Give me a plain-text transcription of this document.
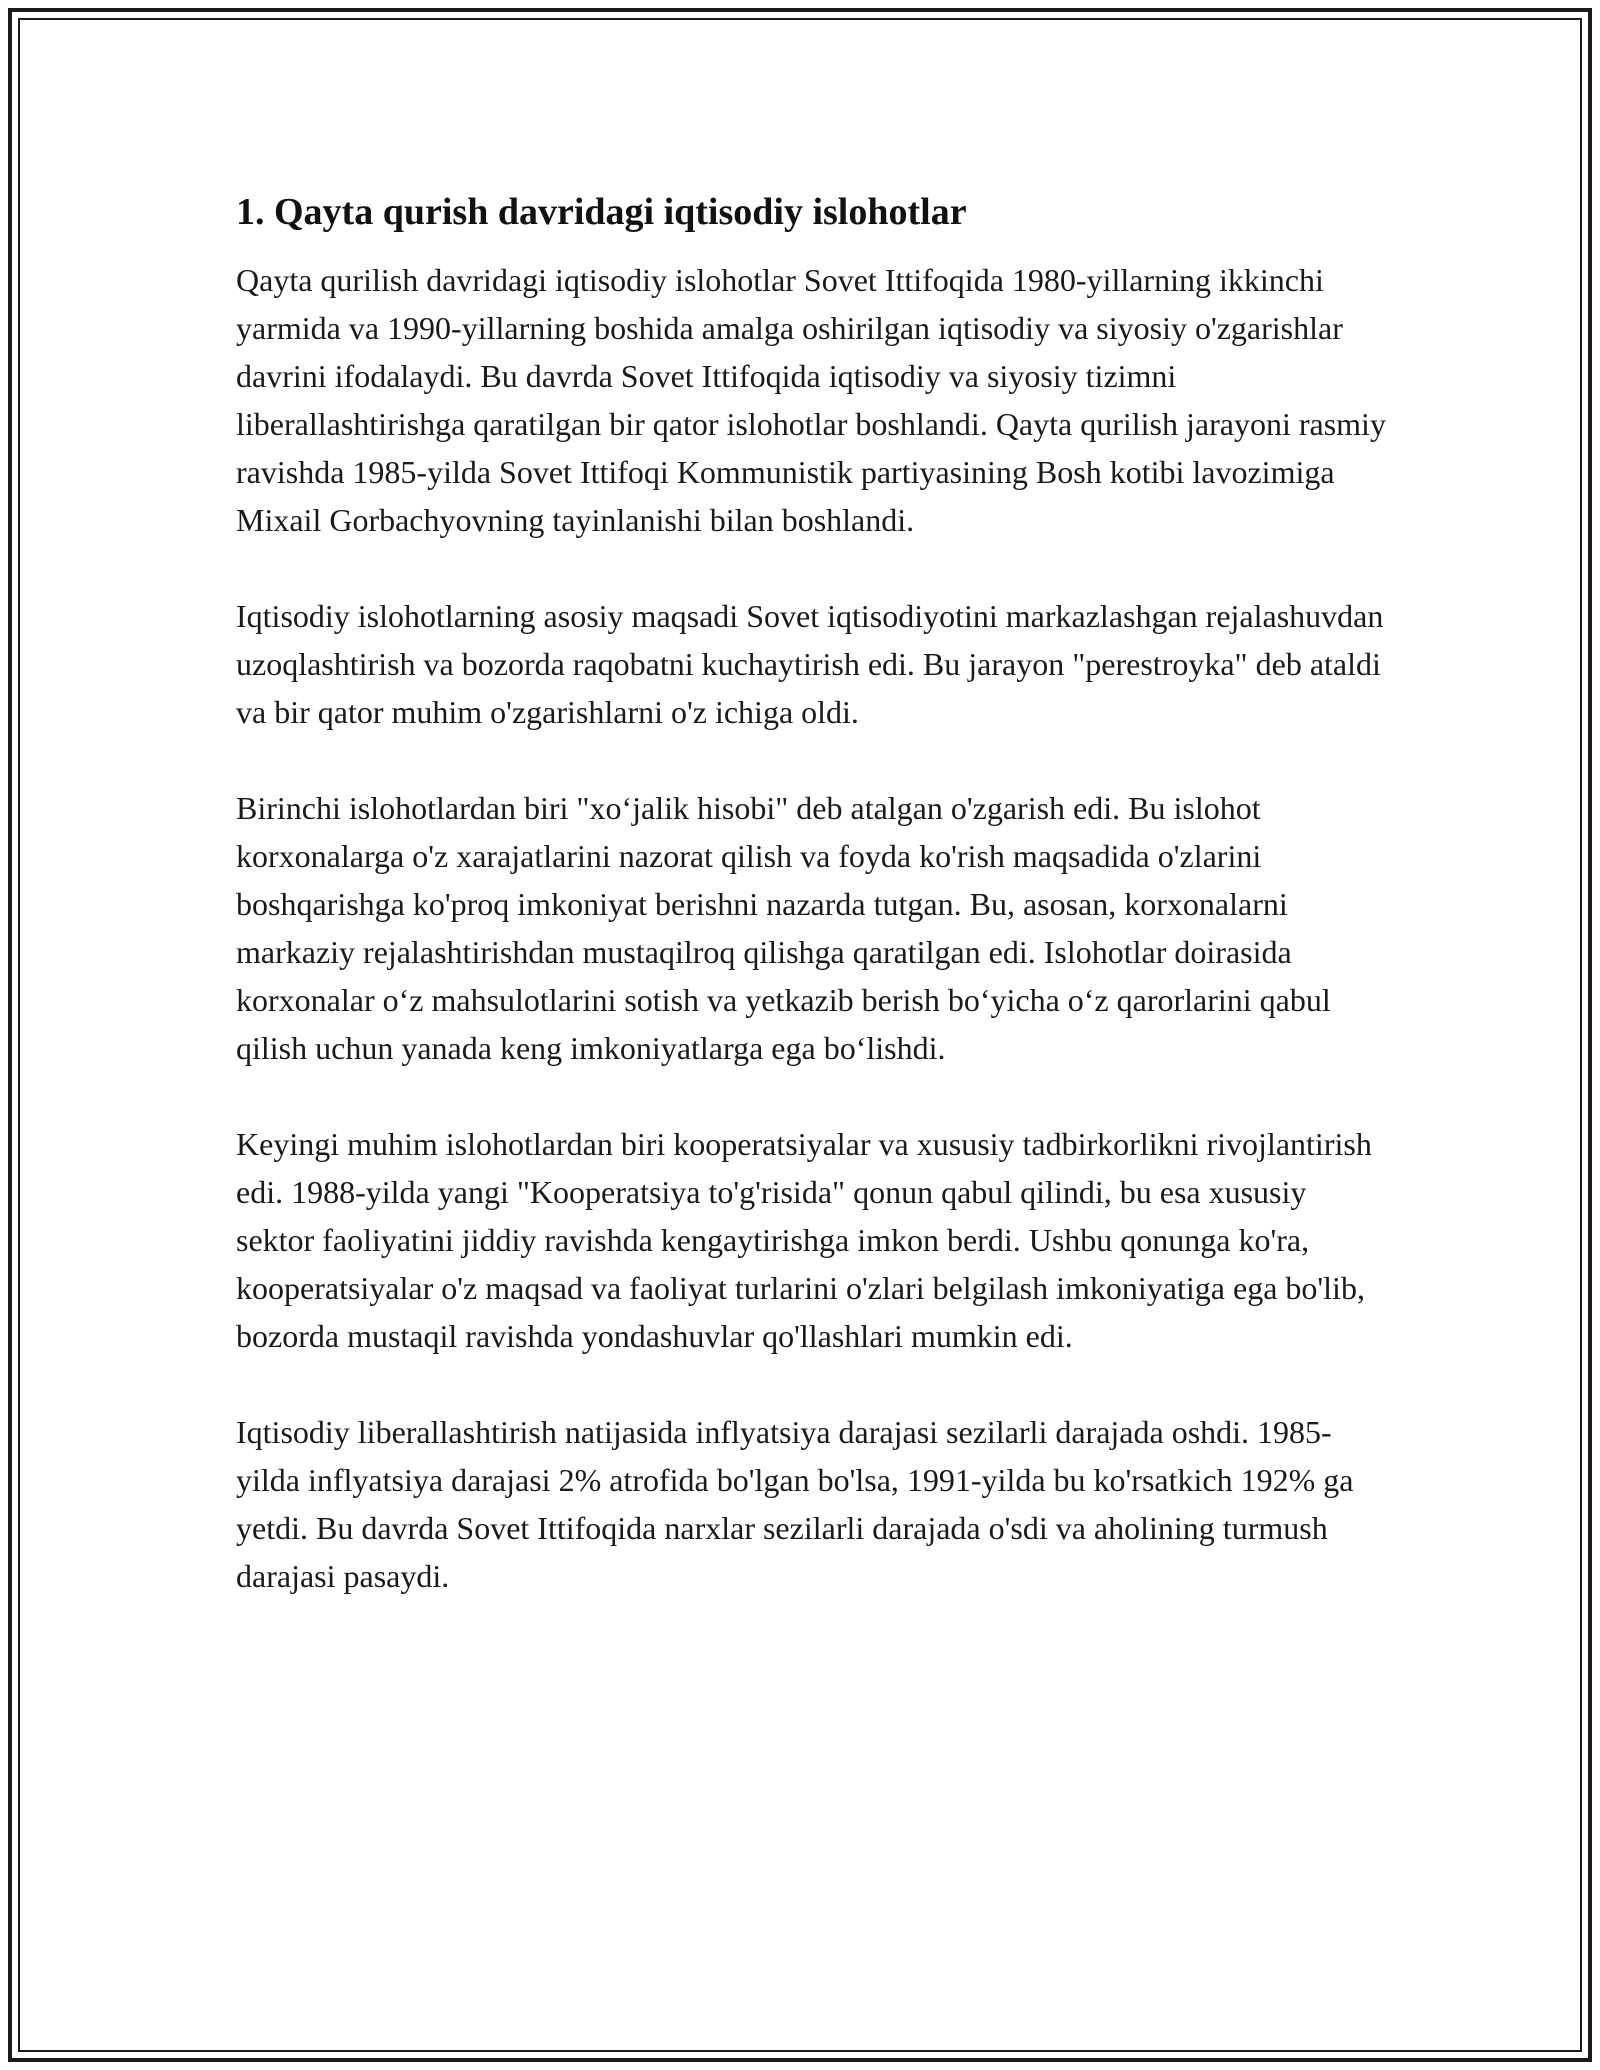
1. Qayta qurish davridagi iqtisodiy islohotlar

Qayta qurilish davridagi iqtisodiy islohotlar Sovet Ittifoqida 1980-yillarning ikkinchi yarmida va 1990-yillarning boshida amalga oshirilgan iqtisodiy va siyosiy o'zgarishlar davrini ifodalaydi. Bu davrda Sovet Ittifoqida iqtisodiy va siyosiy tizimni liberallashtirishga qaratilgan bir qator islohotlar boshlandi. Qayta qurilish jarayoni rasmiy ravishda 1985-yilda Sovet Ittifoqi Kommunistik partiyasining Bosh kotibi lavozimiga Mixail Gorbachyovning tayinlanishi bilan boshlandi.

Iqtisodiy islohotlarning asosiy maqsadi Sovet iqtisodiyotini markazlashgan rejalashuvdan uzoqlashtirish va bozorda raqobatni kuchaytirish edi. Bu jarayon "perestroyka" deb ataldi va bir qator muhim o'zgarishlarni o'z ichiga oldi.

Birinchi islohotlardan biri "xo‘jalik hisobi" deb atalgan o'zgarish edi. Bu islohot korxonalarga o'z xarajatlarini nazorat qilish va foyda ko'rish maqsadida o'zlarini boshqarishga ko'proq imkoniyat berishni nazarda tutgan. Bu, asosan, korxonalarni markaziy rejalashtirishdan mustaqilroq qilishga qaratilgan edi. Islohotlar doirasida korxonalar o‘z mahsulotlarini sotish va yetkazib berish bo‘yicha o‘z qarorlarini qabul qilish uchun yanada keng imkoniyatlarga ega bo‘lishdi.

Keyingi muhim islohotlardan biri kooperatsiyalar va xususiy tadbirkorlikni rivojlantirish edi. 1988-yilda yangi "Kooperatsiya to'g'risida" qonun qabul qilindi, bu esa xususiy sektor faoliyatini jiddiy ravishda kengaytirishga imkon berdi. Ushbu qonunga ko'ra, kooperatsiyalar o'z maqsad va faoliyat turlarini o'zlari belgilash imkoniyatiga ega bo'lib, bozorda mustaqil ravishda yondashuvlar qo'llashlari mumkin edi.

Iqtisodiy liberallashtirish natijasida inflyatsiya darajasi sezilarli darajada oshdi. 1985-yilda inflyatsiya darajasi 2% atrofida bo'lgan bo'lsa, 1991-yilda bu ko'rsatkich 192% ga yetdi. Bu davrda Sovet Ittifoqida narxlar sezilarli darajada o'sdi va aholining turmush darajasi pasaydi.
